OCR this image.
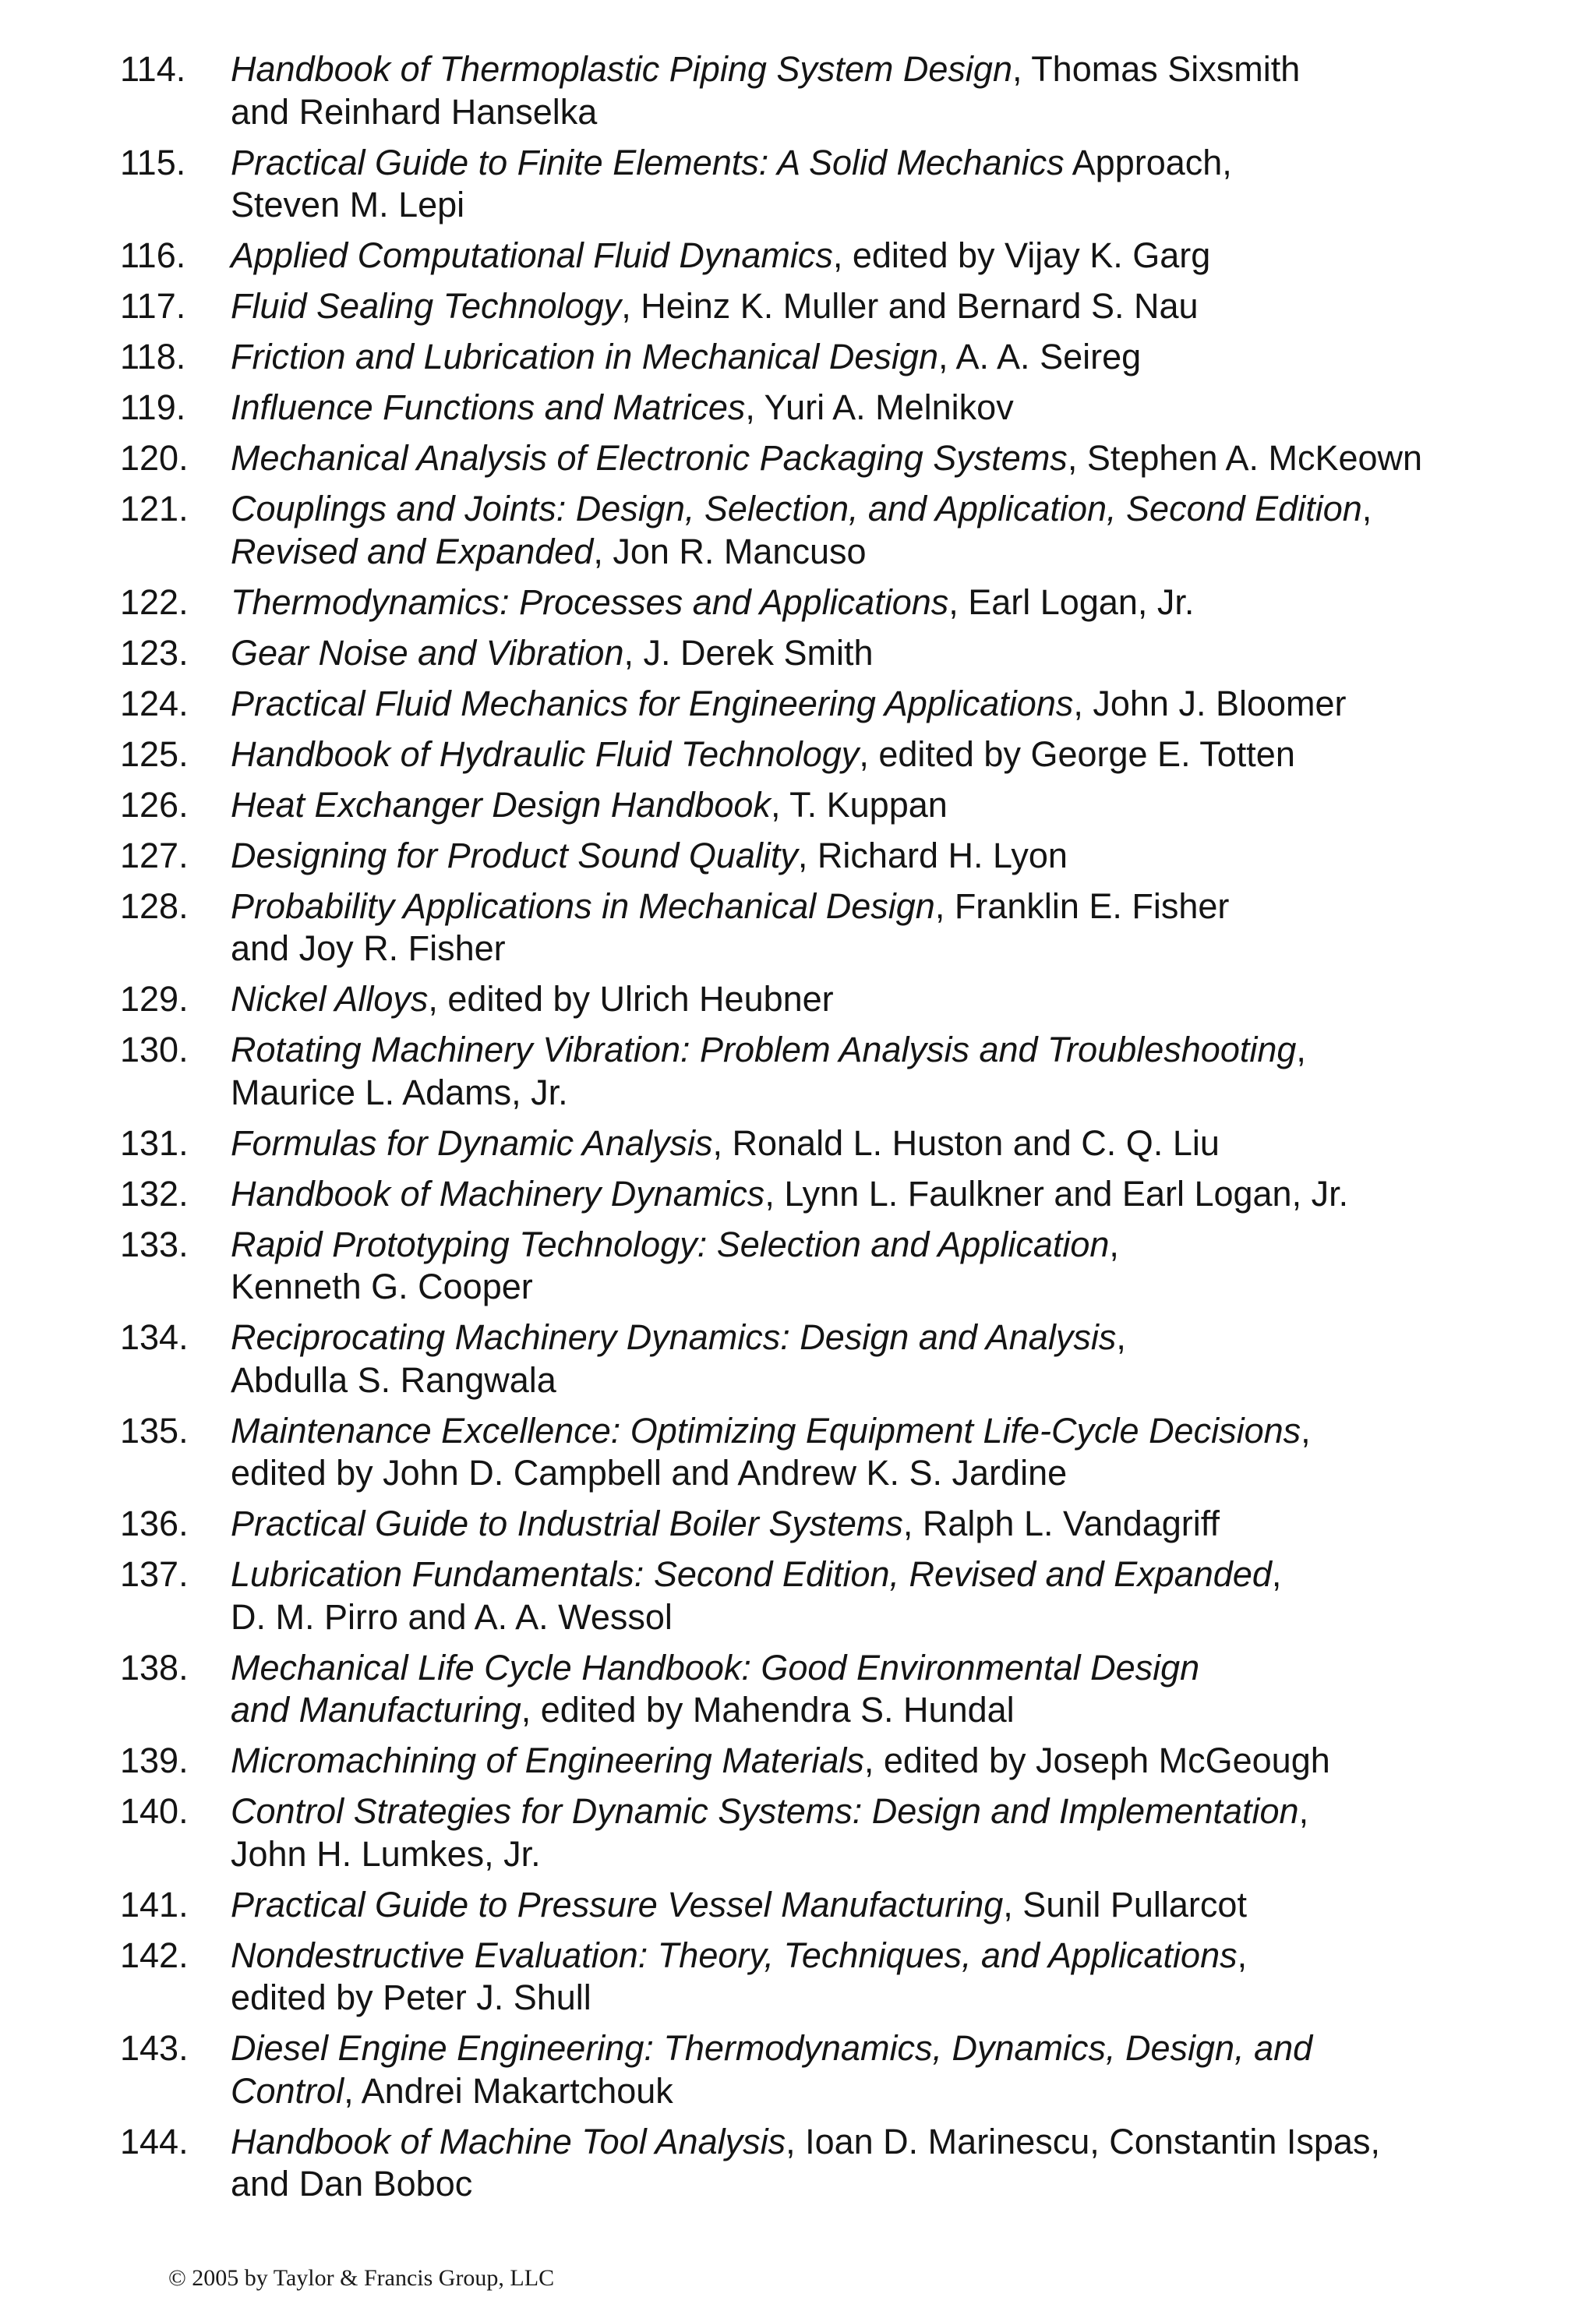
114. Handbook of Thermoplastic Piping System Design, Thomas Sixsmith
and Reinhard Hanselka
115. Practical Guide to Finite Elements: A Solid Mechanics Approach,
Steven M. Lepi
116. Applied Computational Fluid Dynamics, edited by Vijay K. Garg
117. Fluid Sealing Technology, Heinz K. Muller and Bernard S. Nau
118. Friction and Lubrication in Mechanical Design, A. A. Seireg
119. Influence Functions and Matrices, Yuri A. Melnikov
120. Mechanical Analysis of Electronic Packaging Systems, Stephen A. McKeown
121. Couplings and Joints: Design, Selection, and Application, Second Edition,
Revised and Expanded, Jon R. Mancuso
122. Thermodynamics: Processes and Applications, Earl Logan, Jr.
123. Gear Noise and Vibration, J. Derek Smith
124. Practical Fluid Mechanics for Engineering Applications, John J. Bloomer
125. Handbook of Hydraulic Fluid Technology, edited by George E. Totten
126. Heat Exchanger Design Handbook, T. Kuppan
127. Designing for Product Sound Quality, Richard H. Lyon
128. Probability Applications in Mechanical Design, Franklin E. Fisher
and Joy R. Fisher
129. Nickel Alloys, edited by Ulrich Heubner
130. Rotating Machinery Vibration: Problem Analysis and Troubleshooting,
Maurice L. Adams, Jr.
131. Formulas for Dynamic Analysis, Ronald L. Huston and C. Q. Liu
132. Handbook of Machinery Dynamics, Lynn L. Faulkner and Earl Logan, Jr.
133. Rapid Prototyping Technology: Selection and Application,
Kenneth G. Cooper
134. Reciprocating Machinery Dynamics: Design and Analysis,
Abdulla S. Rangwala
135. Maintenance Excellence: Optimizing Equipment Life-Cycle Decisions,
edited by John D. Campbell and Andrew K. S. Jardine
136. Practical Guide to Industrial Boiler Systems, Ralph L. Vandagriff
137. Lubrication Fundamentals: Second Edition, Revised and Expanded,
D. M. Pirro and A. A. Wessol
138. Mechanical Life Cycle Handbook: Good Environmental Design
and Manufacturing, edited by Mahendra S. Hundal
139. Micromachining of Engineering Materials, edited by Joseph McGeough
140. Control Strategies for Dynamic Systems: Design and Implementation,
John H. Lumkes, Jr.
141. Practical Guide to Pressure Vessel Manufacturing, Sunil Pullarcot
142. Nondestructive Evaluation: Theory, Techniques, and Applications,
edited by Peter J. Shull
143. Diesel Engine Engineering: Thermodynamics, Dynamics, Design, and
Control, Andrei Makartchouk
144. Handbook of Machine Tool Analysis, Ioan D. Marinescu, Constantin Ispas,
and Dan Boboc
© 2005 by Taylor & Francis Group, LLC
